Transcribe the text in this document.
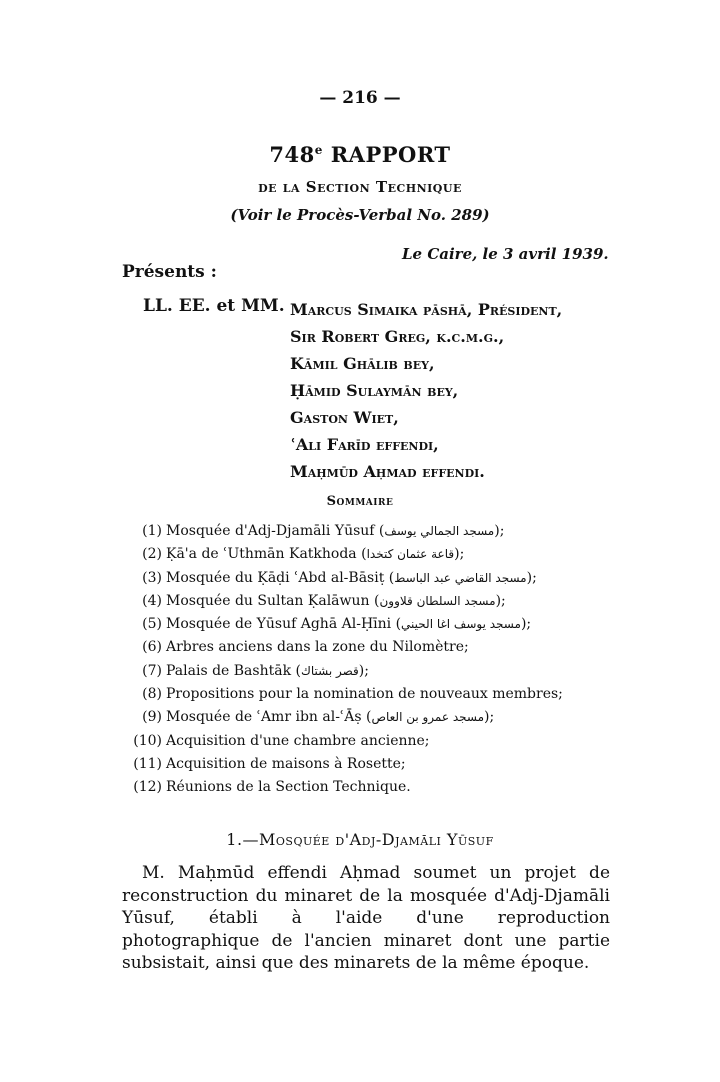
— 216 —
748e RAPPORT
de la Section Technique
(Voir le Procès-Verbal No. 289)
Le Caire, le 3 avril 1939.
Présents :
LL. EE. et MM. Marcus Simaika pāshā, Président,
Sir Robert Greg, k.c.m.g.,
Kāmil Ghālib bey,
Ḥāmid Sulaymān bey,
Gaston Wiet,
ʿAli Farīd effendi,
Maḥmūd Aḥmad effendi.
Sommaire
(1) Mosquée d'Adj-Djamāli Yūsuf (مسجد الجمالي يوسف);
(2) Ḳā'a de ʿUthmān Katkhoda (قاعة عثمان كتخدا);
(3) Mosquée du Ḳāḍi ʿAbd al-Bāsiṭ (مسجد القاضي عبد الباسط);
(4) Mosquée du Sultan Ḳalāwun (مسجد السلطان قلاوون);
(5) Mosquée de Yūsuf Aghā Al-Ḥīni (مسجد يوسف اغا الحيني);
(6) Arbres anciens dans la zone du Nilomètre;
(7) Palais de Bashtāk (قصر بشتاك);
(8) Propositions pour la nomination de nouveaux membres;
(9) Mosquée de ʿAmr ibn al-ʿĀṣ (مسجد عمرو بن العاص);
(10) Acquisition d'une chambre ancienne;
(11) Acquisition de maisons à Rosette;
(12) Réunions de la Section Technique.
1.—Mosquée d'Adj-Djamāli Yūsuf
M. Maḥmūd effendi Aḥmad soumet un projet de reconstruction du minaret de la mosquée d'Adj-Djamāli Yūsuf, établi à l'aide d'une reproduction photographique de l'ancien minaret dont une partie subsistait, ainsi que des minarets de la même époque.
